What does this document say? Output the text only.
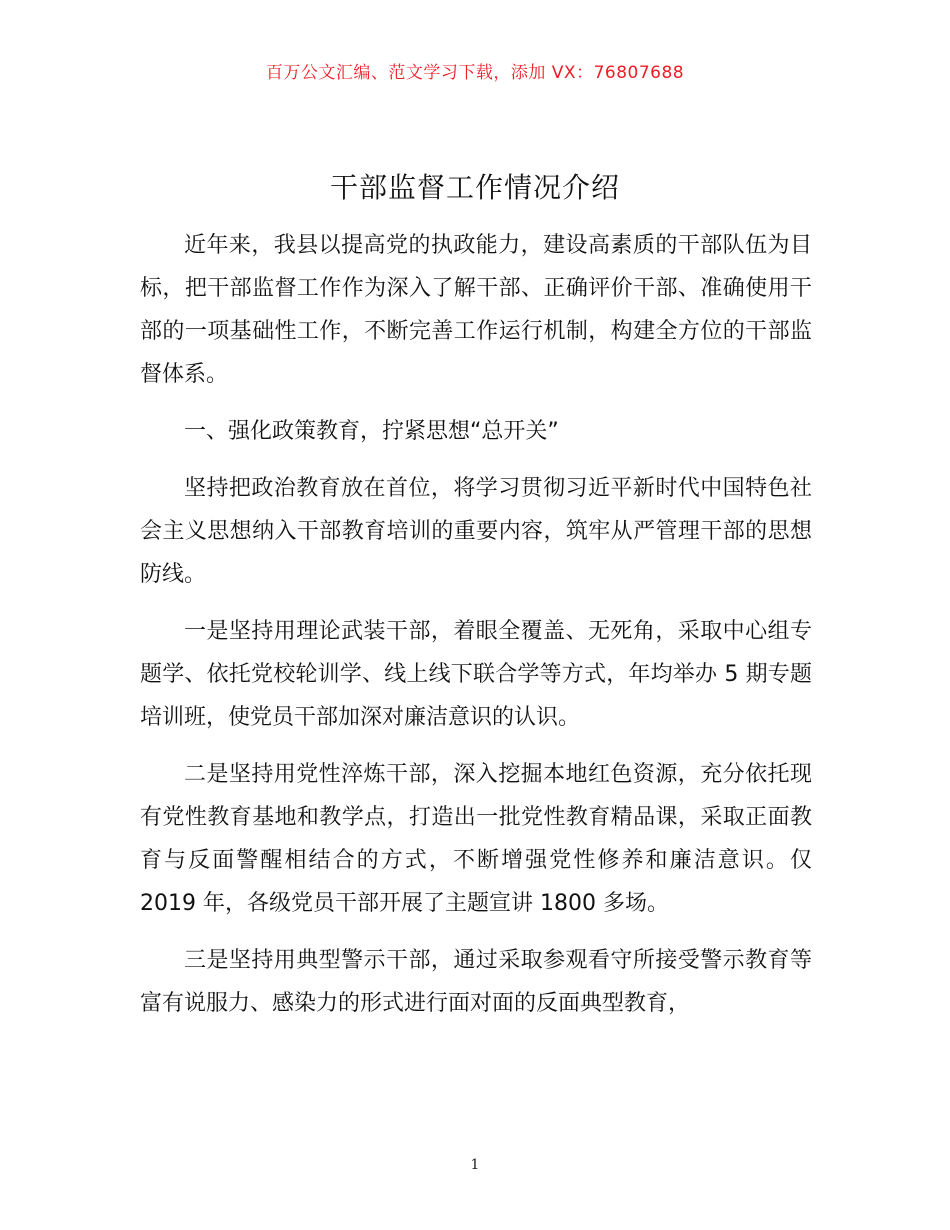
百万公文汇编、范文学习下载，添加 VX：76807688
干部监督工作情况介绍

近年来，我县以提高党的执政能力，建设高素质的干部队伍为目标，把干部监督工作作为深入了解干部、正确评价干部、准确使用干部的一项基础性工作，不断完善工作运行机制，构建全方位的干部监督体系。

一、强化政策教育，拧紧思想“总开关”

坚持把政治教育放在首位，将学习贯彻习近平新时代中国特色社会主义思想纳入干部教育培训的重要内容，筑牢从严管理干部的思想防线。

一是坚持用理论武装干部，着眼全覆盖、无死角，采取中心组专题学、依托党校轮训学、线上线下联合学等方式，年均举办 5 期专题培训班，使党员干部加深对廉洁意识的认识。

二是坚持用党性淬炼干部，深入挖掘本地红色资源，充分依托现有党性教育基地和教学点，打造出一批党性教育精品课，采取正面教育与反面警醒相结合的方式，不断增强党性修养和廉洁意识。仅 2019 年，各级党员干部开展了主题宣讲 1800 多场。

三是坚持用典型警示干部，通过采取参观看守所接受警示教育等富有说服力、感染力的形式进行面对面的反面典型教育，

1
